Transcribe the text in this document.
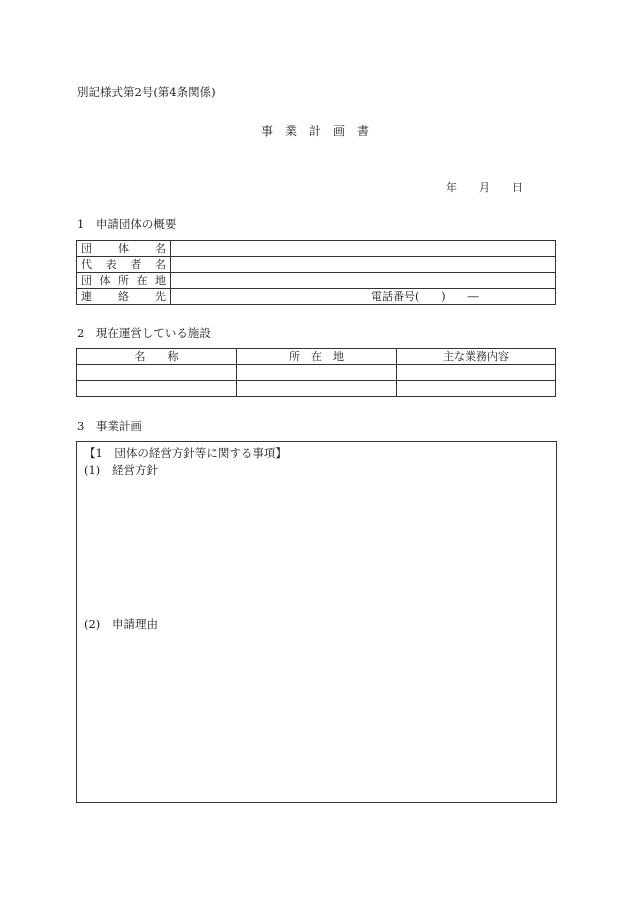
別記様式第2号(第4条関係)
事　業　計　画　書
年　　月　　日
1　申請団体の概要
団体名	
代表者名	
団体所在地	
連絡先	電話番号(　　)　　―
2　現在運営している施設
名　　称	所　在　地	主な業務内容

3　事業計画
【1　団体の経営方針等に関する事項】
(1) 経営方針
(2) 申請理由
